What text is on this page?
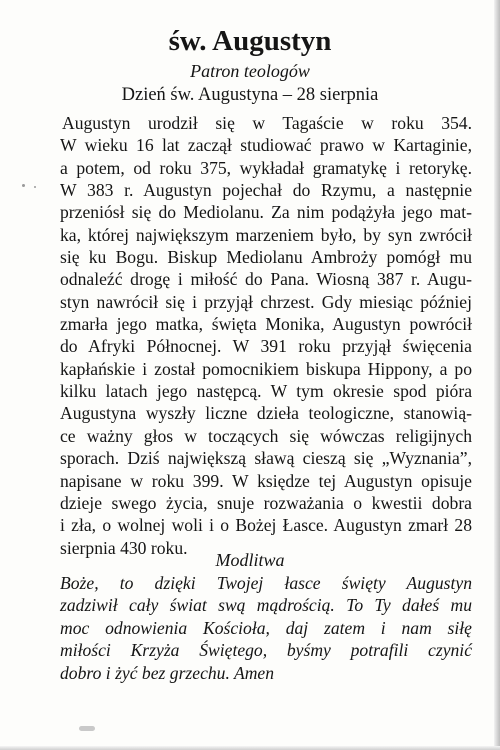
św. Augustyn
Patron teologów
Dzień św. Augustyna – 28 sierpnia
Augustyn urodził się w Tagaście w roku 354.
W wieku 16 lat zaczął studiować prawo w Kartaginie,
a potem, od roku 375, wykładał gramatykę i retorykę.
W 383 r. Augustyn pojechał do Rzymu, a następnie
przeniósł się do Mediolanu. Za nim podążyła jego mat-
ka, której największym marzeniem było, by syn zwrócił
się ku Bogu. Biskup Mediolanu Ambroży pomógł mu
odnaleźć drogę i miłość do Pana. Wiosną 387 r. Augu-
styn nawrócił się i przyjął chrzest. Gdy miesiąc później
zmarła jego matka, święta Monika, Augustyn powrócił
do Afryki Północnej. W 391 roku przyjął święcenia
kapłańskie i został pomocnikiem biskupa Hippony, a po
kilku latach jego następcą. W tym okresie spod pióra
Augustyna wyszły liczne dzieła teologiczne, stanowią-
ce ważny głos w toczących się wówczas religijnych
sporach. Dziś największą sławą cieszą się „Wyznania”,
napisane w roku 399. W księdze tej Augustyn opisuje
dzieje swego życia, snuje rozważania o kwestii dobra
i zła, o wolnej woli i o Bożej Łasce. Augustyn zmarł 28
sierpnia 430 roku.
Modlitwa
Boże, to dzięki Twojej łasce święty Augustyn
zadziwił cały świat swą mądrością. To Ty dałeś mu
moc odnowienia Kościoła, daj zatem i nam siłę
miłości Krzyża Świętego, byśmy potrafili czynić
dobro i żyć bez grzechu. Amen
